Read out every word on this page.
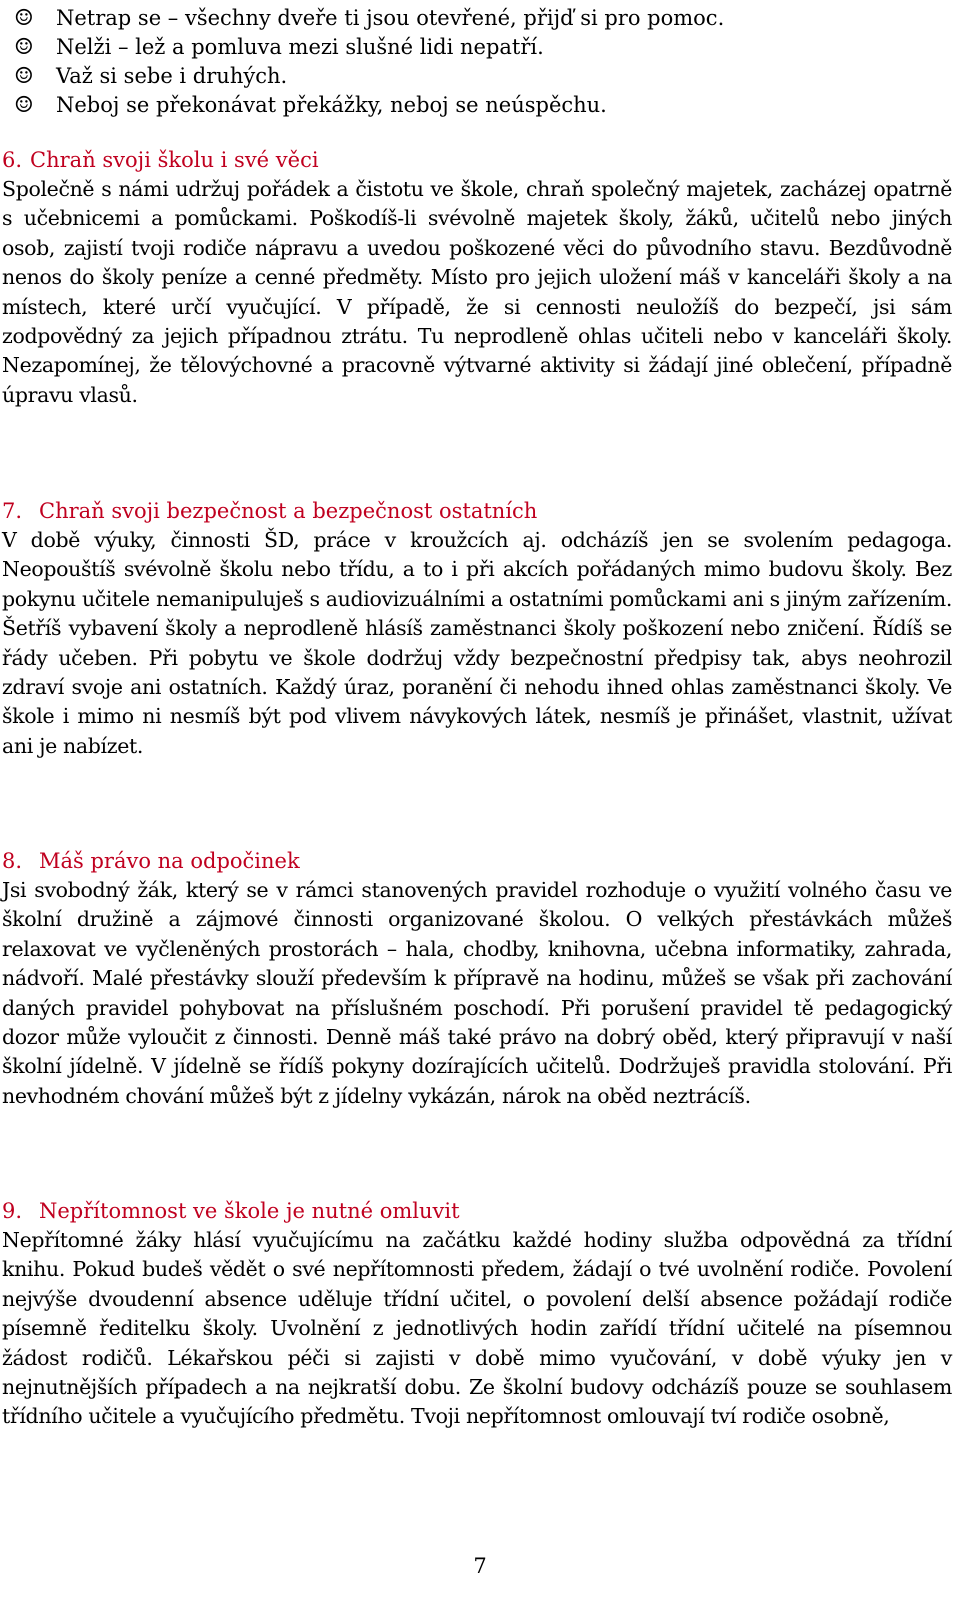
☺ Netrap se – všechny dveře ti jsou otevřené, přijď si pro pomoc.
☺ Nelži – lež a pomluva mezi slušné lidi nepatří.
☺ Važ si sebe i druhých.
☺ Neboj se překonávat překážky, neboj se neúspěchu.
6. Chraň svoji školu i své věci

Společně s námi udržuj pořádek a čistotu ve škole, chraň společný majetek, zacházej opatrně s učebnicemi a pomůckami. Poškodíš-li svévolně majetek školy, žáků, učitelů nebo jiných osob, zajistí tvoji rodiče nápravu a uvedou poškozené věci do původního stavu. Bezdůvodně nenos do školy peníze a cenné předměty. Místo pro jejich uložení máš v kanceláři školy a na místech, které určí vyučující. V případě, že si cennosti neuložíš do bezpečí, jsi sám zodpovědný za jejich případnou ztrátu. Tu neprodleně ohlas učiteli nebo v kanceláři školy. Nezapomínej, že tělovýchovné a pracovně výtvarné aktivity si žádají jiné oblečení, případně úpravu vlasů.

7. Chraň svoji bezpečnost a bezpečnost ostatních

V době výuky, činnosti ŠD, práce v kroužcích aj. odcházíš jen se svolením pedagoga. Neopouštíš svévolně školu nebo třídu, a to i při akcích pořádaných mimo budovu školy. Bez pokynu učitele nemanipuluješ s audiovizuálními a ostatními pomůckami ani s jiným zařízením. Šetříš vybavení školy a neprodleně hlásíš zaměstnanci školy poškození nebo zničení. Řídíš se řády učeben. Při pobytu ve škole dodržuj vždy bezpečnostní předpisy tak, abys neohrozil zdraví svoje ani ostatních. Každý úraz, poranění či nehodu ihned ohlas zaměstnanci školy. Ve škole i mimo ni nesmíš být pod vlivem návykových látek, nesmíš je přinášet, vlastnit, užívat ani je nabízet.

8. Máš právo na odpočinek

Jsi svobodný žák, který se v rámci stanovených pravidel rozhoduje o využití volného času ve školní družině a zájmové činnosti organizované školou. O velkých přestávkách můžeš relaxovat ve vyčleněných prostorách – hala, chodby, knihovna, učebna informatiky, zahrada, nádvoří. Malé přestávky slouží především k přípravě na hodinu, můžeš se však při zachování daných pravidel pohybovat na příslušném poschodí. Při porušení pravidel tě pedagogický dozor může vyloučit z činnosti. Denně máš také právo na dobrý oběd, který připravují v naší školní jídelně. V jídelně se řídíš pokyny dozírajících učitelů. Dodržuješ pravidla stolování. Při nevhodném chování můžeš být z jídelny vykázán, nárok na oběd neztrácíš.

9. Nepřítomnost ve škole je nutné omluvit

Nepřítomné žáky hlásí vyučujícímu na začátku každé hodiny služba odpovědná za třídní knihu. Pokud budeš vědět o své nepřítomnosti předem, žádají o tvé uvolnění rodiče. Povolení nejvýše dvoudenní absence uděluje třídní učitel, o povolení delší absence požádají rodiče písemně ředitelku školy. Uvolnění z jednotlivých hodin zařídí třídní učitelé na písemnou žádost rodičů. Lékařskou péči si zajisti v době mimo vyučování, v době výuky jen v nejnutnějších případech a na nejkratší dobu. Ze školní budovy odcházíš pouze se souhlasem třídního učitele a vyučujícího předmětu. Tvoji nepřítomnost omlouvají tví rodiče osobně,

7
